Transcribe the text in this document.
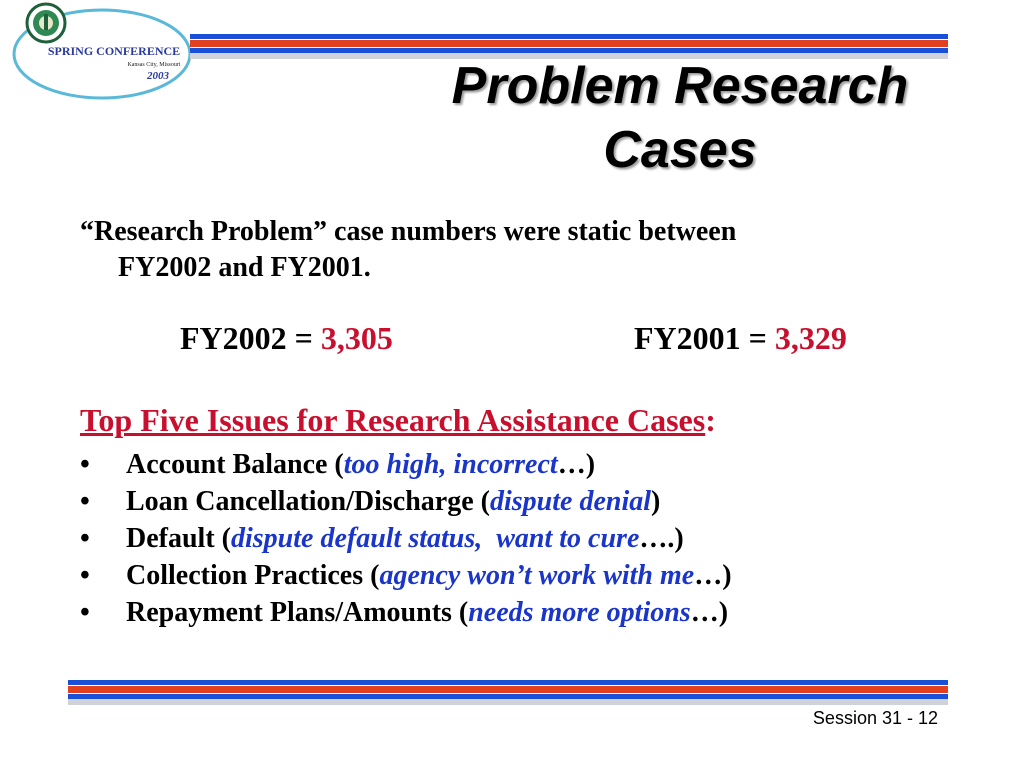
SPRING CONFERENCE
Kansas City, Missouri
2003	Problem Research
Cases
“Research Problem” case numbers were static between
FY2002 and FY2001.
FY2002 = 3,305	FY2001 = 3,329
Top Five Issues for Research Assistance Cases:
• Account Balance (too high, incorrect…)
• Loan Cancellation/Discharge (dispute denial)
• Default (dispute default status,  want to cure….)
• Collection Practices (agency won’t work with me…)
• Repayment Plans/Amounts (needs more options…)
Session 31 - 12
